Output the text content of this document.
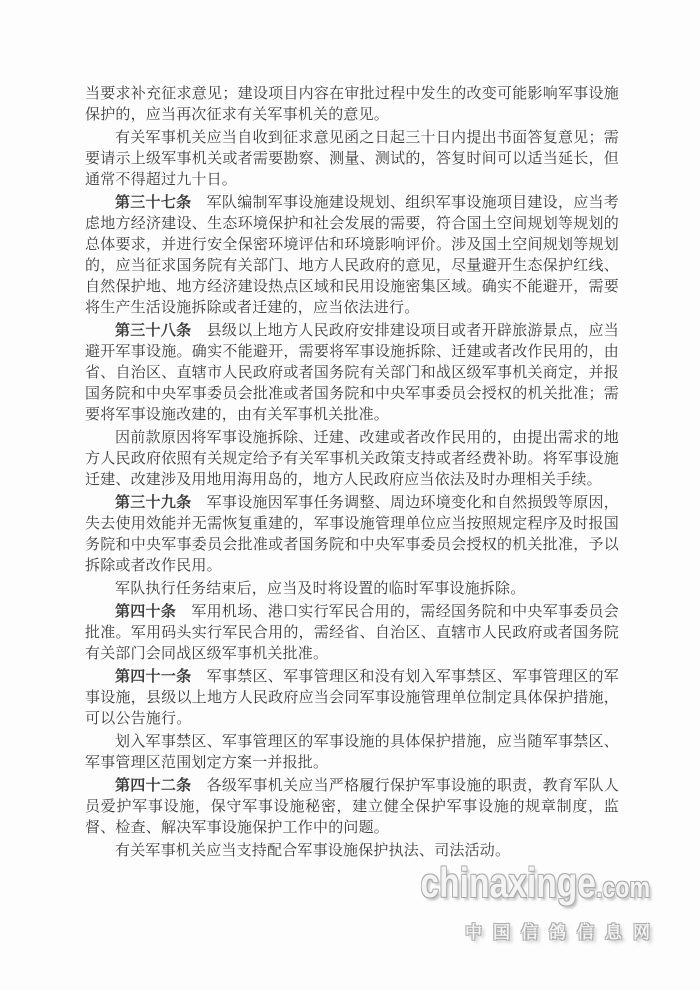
当要求补充征求意见；建设项目内容在审批过程中发生的改变可能影响军事设施保护的，应当再次征求有关军事机关的意见。

有关军事机关应当自收到征求意见函之日起三十日内提出书面答复意见；需要请示上级军事机关或者需要勘察、测量、测试的，答复时间可以适当延长，但通常不得超过九十日。

第三十七条　军队编制军事设施建设规划、组织军事设施项目建设，应当考虑地方经济建设、生态环境保护和社会发展的需要，符合国土空间规划等规划的总体要求，并进行安全保密环境评估和环境影响评价。涉及国土空间规划等规划的，应当征求国务院有关部门、地方人民政府的意见，尽量避开生态保护红线、自然保护地、地方经济建设热点区域和民用设施密集区域。确实不能避开，需要将生产生活设施拆除或者迁建的，应当依法进行。

第三十八条　县级以上地方人民政府安排建设项目或者开辟旅游景点，应当避开军事设施。确实不能避开，需要将军事设施拆除、迁建或者改作民用的，由省、自治区、直辖市人民政府或者国务院有关部门和战区级军事机关商定，并报国务院和中央军事委员会批准或者国务院和中央军事委员会授权的机关批准；需要将军事设施改建的，由有关军事机关批准。

因前款原因将军事设施拆除、迁建、改建或者改作民用的，由提出需求的地方人民政府依照有关规定给予有关军事机关政策支持或者经费补助。将军事设施迁建、改建涉及用地用海用岛的，地方人民政府应当依法及时办理相关手续。

第三十九条　军事设施因军事任务调整、周边环境变化和自然损毁等原因，失去使用效能并无需恢复重建的，军事设施管理单位应当按照规定程序及时报国务院和中央军事委员会批准或者国务院和中央军事委员会授权的机关批准，予以拆除或者改作民用。

军队执行任务结束后，应当及时将设置的临时军事设施拆除。

第四十条　军用机场、港口实行军民合用的，需经国务院和中央军事委员会批准。军用码头实行军民合用的，需经省、自治区、直辖市人民政府或者国务院有关部门会同战区级军事机关批准。

第四十一条　军事禁区、军事管理区和没有划入军事禁区、军事管理区的军事设施，县级以上地方人民政府应当会同军事设施管理单位制定具体保护措施，可以公告施行。

划入军事禁区、军事管理区的军事设施的具体保护措施，应当随军事禁区、军事管理区范围划定方案一并报批。

第四十二条　各级军事机关应当严格履行保护军事设施的职责，教育军队人员爱护军事设施，保守军事设施秘密，建立健全保护军事设施的规章制度，监督、检查、解决军事设施保护工作中的问题。

有关军事机关应当支持配合军事设施保护执法、司法活动。

chinaxinge.com
中国信鸽信息网
